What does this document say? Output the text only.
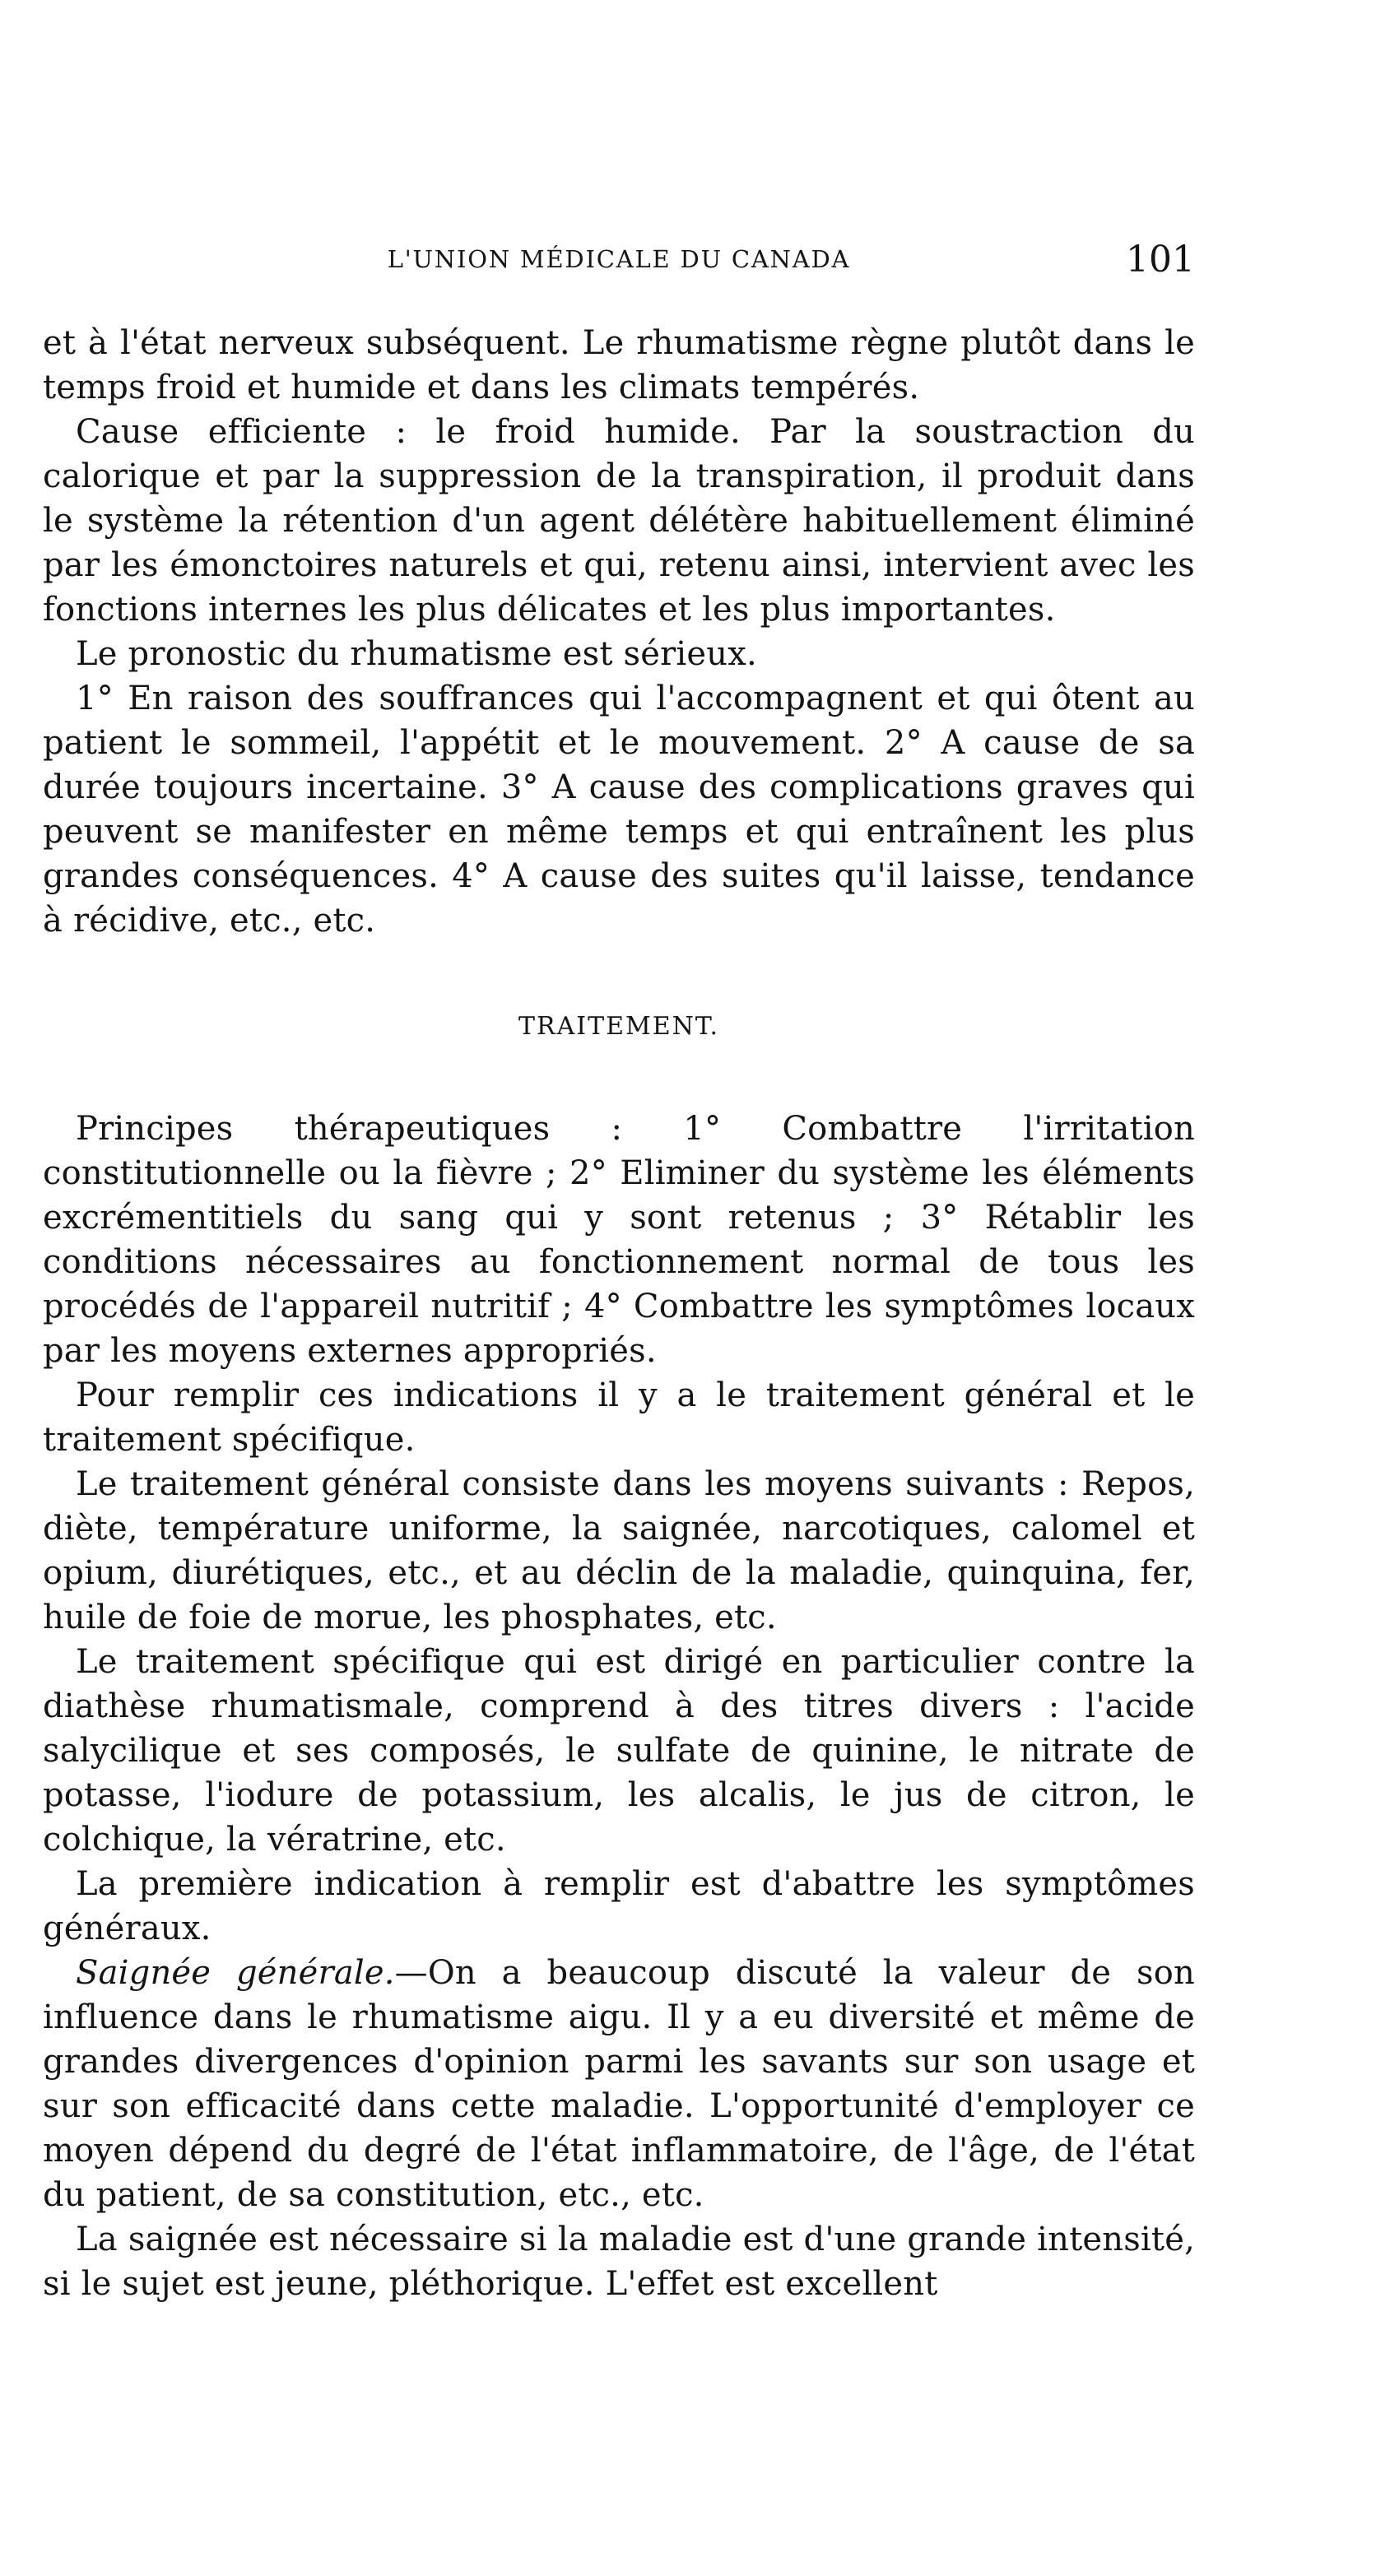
L'UNION MÉDICALE DU CANADA	101

et à l'état nerveux subséquent. Le rhumatisme règne plutôt dans le temps froid et humide et dans les climats tempérés.

Cause efficiente : le froid humide. Par la soustraction du calorique et par la suppression de la transpiration, il produit dans le système la rétention d'un agent délétère habituellement éliminé par les émonctoires naturels et qui, retenu ainsi, intervient avec les fonctions internes les plus délicates et les plus importantes.

Le pronostic du rhumatisme est sérieux.

1° En raison des souffrances qui l'accompagnent et qui ôtent au patient le sommeil, l'appétit et le mouvement. 2° A cause de sa durée toujours incertaine. 3° A cause des complications graves qui peuvent se manifester en même temps et qui entraînent les plus grandes conséquences. 4° A cause des suites qu'il laisse, tendance à récidive, etc., etc.

TRAITEMENT.

Principes thérapeutiques : 1° Combattre l'irritation constitutionnelle ou la fièvre ; 2° Eliminer du système les éléments excrémentitiels du sang qui y sont retenus ; 3° Rétablir les conditions nécessaires au fonctionnement normal de tous les procédés de l'appareil nutritif ; 4° Combattre les symptômes locaux par les moyens externes appropriés.

Pour remplir ces indications il y a le traitement général et le traitement spécifique.

Le traitement général consiste dans les moyens suivants : Repos, diète, température uniforme, la saignée, narcotiques, calomel et opium, diurétiques, etc., et au déclin de la maladie, quinquina, fer, huile de foie de morue, les phosphates, etc.

Le traitement spécifique qui est dirigé en particulier contre la diathèse rhumatismale, comprend à des titres divers : l'acide salycilique et ses composés, le sulfate de quinine, le nitrate de potasse, l'iodure de potassium, les alcalis, le jus de citron, le colchique, la vératrine, etc.

La première indication à remplir est d'abattre les symptômes généraux.

Saignée générale.—On a beaucoup discuté la valeur de son influence dans le rhumatisme aigu. Il y a eu diversité et même de grandes divergences d'opinion parmi les savants sur son usage et sur son efficacité dans cette maladie. L'opportunité d'employer ce moyen dépend du degré de l'état inflammatoire, de l'âge, de l'état du patient, de sa constitution, etc., etc.

La saignée est nécessaire si la maladie est d'une grande intensité, si le sujet est jeune, pléthorique. L'effet est excellent
